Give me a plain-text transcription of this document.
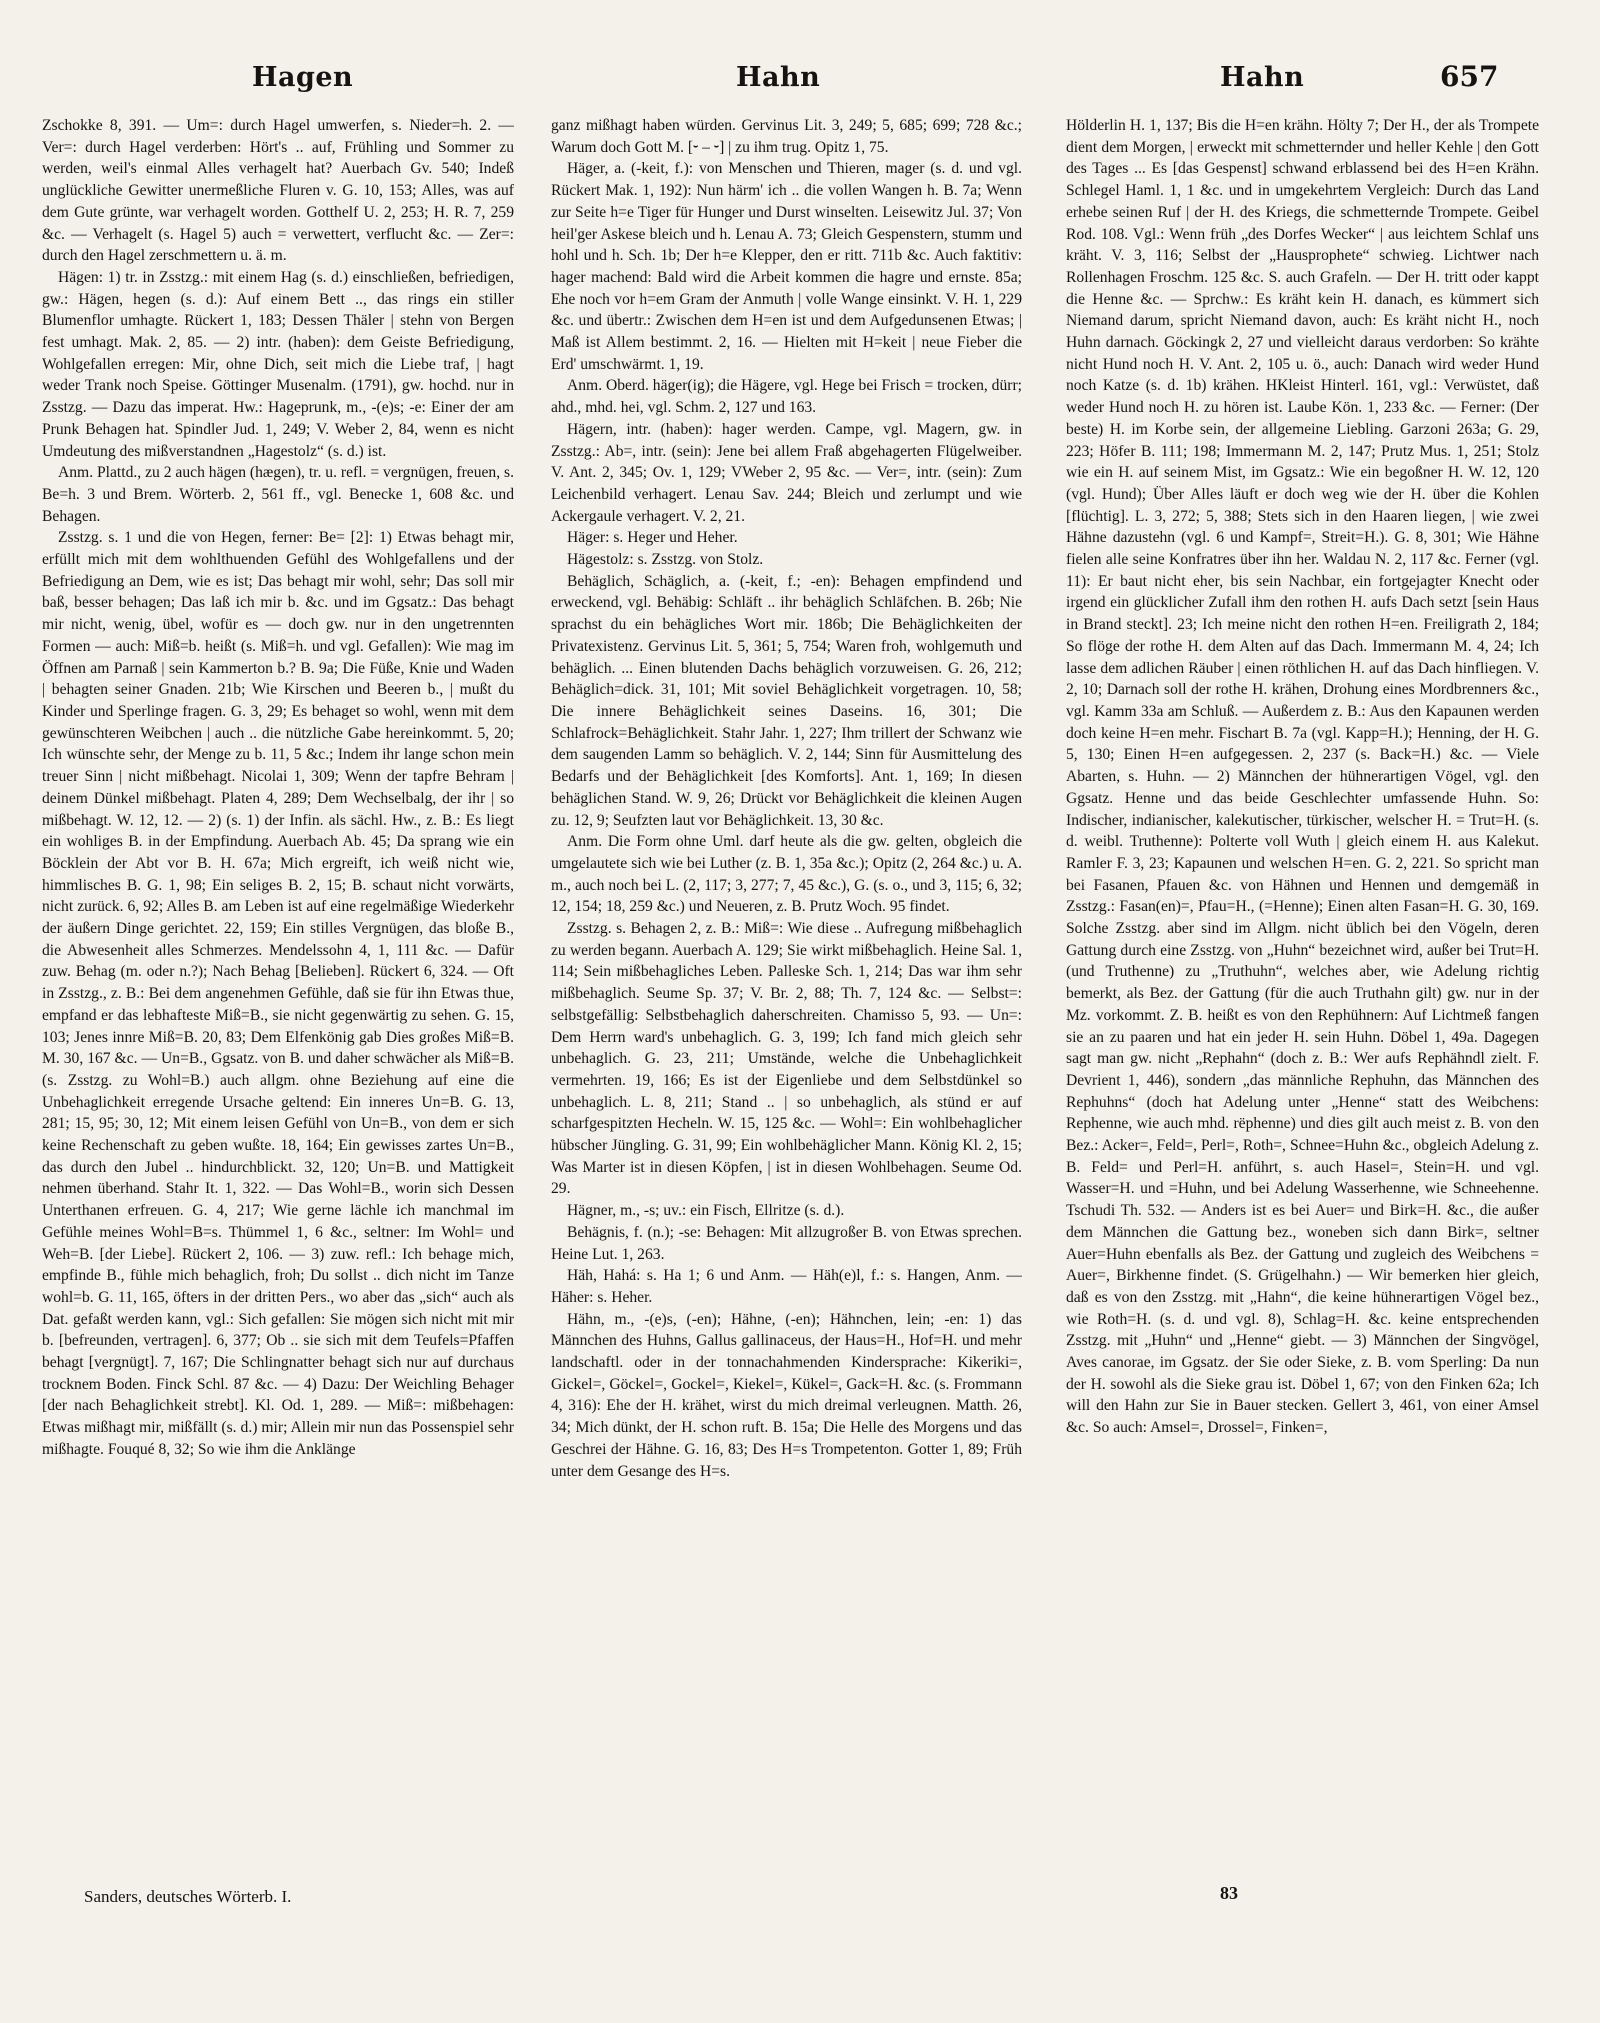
Hagen	Hahn	Hahn	657

Zschokke 8, 391. — Um=: durch Hagel umwerfen, s. Nieder=h. 2. — Ver=: durch Hagel verderben: Hört's .. auf, Frühling und Sommer zu werden, weil's einmal Alles verhagelt hat? Auerbach Gv. 540; Indeß unglückliche Gewitter unermeßliche Fluren v. G. 10, 153; Alles, was auf dem Gute grünte, war verhagelt worden. Gotthelf U. 2, 253; H. R. 7, 259 &c. — Verhagelt (s. Hagel 5) auch = verwettert, verflucht &c. — Zer=: durch den Hagel zerschmettern u. ä. m.

Hägen: 1) tr. in Zsstzg.: mit einem Hag (s. d.) einschließen, befriedigen, gw.: Hägen, hegen (s. d.): Auf einem Bett .., das rings ein stiller Blumenflor umhagte. Rückert 1, 183; Dessen Thäler | stehn von Bergen fest umhagt. Mak. 2, 85. — 2) intr. (haben): dem Geiste Befriedigung, Wohlgefallen erregen: Mir, ohne Dich, seit mich die Liebe traf, | hagt weder Trank noch Speise. Göttinger Musenalm. (1791), gw. hochd. nur in Zsstzg. — Dazu das imperat. Hw.: Hageprunk, m., -(e)s; -e: Einer der am Prunk Behagen hat. Spindler Jud. 1, 249; V. Weber 2, 84, wenn es nicht Umdeutung des mißverstandnen „Hagestolz“ (s. d.) ist.

Anm. Plattd., zu 2 auch hägen (hægen), tr. u. refl. = vergnügen, freuen, s. Be=h. 3 und Brem. Wörterb. 2, 561 ff., vgl. Benecke 1, 608 &c. und Behagen.

Zsstzg. s. 1 und die von Hegen, ferner: Be= [2]: 1) Etwas behagt mir, erfüllt mich mit dem wohlthuenden Gefühl des Wohlgefallens und der Befriedigung an Dem, wie es ist; Das behagt mir wohl, sehr; Das soll mir baß, besser behagen; Das laß ich mir b. &c. und im Ggsatz.: Das behagt mir nicht, wenig, übel, wofür es — doch gw. nur in den ungetrennten Formen — auch: Miß=b. heißt (s. Miß=h. und vgl. Gefallen): Wie mag im Öffnen am Parnaß | sein Kammerton b.? B. 9a; Die Füße, Knie und Waden | behagten seiner Gnaden. 21b; Wie Kirschen und Beeren b., | mußt du Kinder und Sperlinge fragen. G. 3, 29; Es behaget so wohl, wenn mit dem gewünschteren Weibchen | auch .. die nützliche Gabe hereinkommt. 5, 20; Ich wünschte sehr, der Menge zu b. 11, 5 &c.; Indem ihr lange schon mein treuer Sinn | nicht mißbehagt. Nicolai 1, 309; Wenn der tapfre Behram | deinem Dünkel mißbehagt. Platen 4, 289; Dem Wechselbalg, der ihr | so mißbehagt. W. 12, 12. — 2) (s. 1) der Infin. als sächl. Hw., z. B.: Es liegt ein wohliges B. in der Empfindung. Auerbach Ab. 45; Da sprang wie ein Böcklein der Abt vor B. H. 67a; Mich ergreift, ich weiß nicht wie, himmlisches B. G. 1, 98; Ein seliges B. 2, 15; B. schaut nicht vorwärts, nicht zurück. 6, 92; Alles B. am Leben ist auf eine regelmäßige Wiederkehr der äußern Dinge gerichtet. 22, 159; Ein stilles Vergnügen, das bloße B., die Abwesenheit alles Schmerzes. Mendelssohn 4, 1, 111 &c. — Dafür zuw. Behag (m. oder n.?); Nach Behag [Belieben]. Rückert 6, 324. — Oft in Zsstzg., z. B.: Bei dem angenehmen Gefühle, daß sie für ihn Etwas thue, empfand er das lebhafteste Miß=B., sie nicht gegenwärtig zu sehen. G. 15, 103; Jenes innre Miß=B. 20, 83; Dem Elfenkönig gab Dies großes Miß=B. M. 30, 167 &c. — Un=B., Ggsatz. von B. und daher schwächer als Miß=B. (s. Zsstzg. zu Wohl=B.) auch allgm. ohne Beziehung auf eine die Unbehaglichkeit erregende Ursache geltend: Ein inneres Un=B. G. 13, 281; 15, 95; 30, 12; Mit einem leisen Gefühl von Un=B., von dem er sich keine Rechenschaft zu geben wußte. 18, 164; Ein gewisses zartes Un=B., das durch den Jubel .. hindurchblickt. 32, 120; Un=B. und Mattigkeit nehmen überhand. Stahr It. 1, 322. — Das Wohl=B., worin sich Dessen Unterthanen erfreuen. G. 4, 217; Wie gerne lächle ich manchmal im Gefühle meines Wohl=B=s. Thümmel 1, 6 &c., seltner: Im Wohl= und Weh=B. [der Liebe]. Rückert 2, 106. — 3) zuw. refl.: Ich behage mich, empfinde B., fühle mich behaglich, froh; Du sollst .. dich nicht im Tanze wohl=b. G. 11, 165, öfters in der dritten Pers., wo aber das „sich“ auch als Dat. gefaßt werden kann, vgl.: Sich gefallen: Sie mögen sich nicht mit mir b. [befreunden, vertragen]. 6, 377; Ob .. sie sich mit dem Teufels=Pfaffen behagt [vergnügt]. 7, 167; Die Schlingnatter behagt sich nur auf durchaus trocknem Boden. Finck Schl. 87 &c. — 4) Dazu: Der Weichling Behager [der nach Behaglichkeit strebt]. Kl. Od. 1, 289. — Miß=: mißbehagen: Etwas mißhagt mir, mißfällt (s. d.) mir; Allein mir nun das Possenspiel sehr mißhagte. Fouqué 8, 32; So wie ihm die Anklänge

ganz mißhagt haben würden. Gervinus Lit. 3, 249; 5, 685; 699; 728 &c.; Warum doch Gott M. [⏑ – ⏑] | zu ihm trug. Opitz 1, 75.

Häger, a. (-keit, f.): von Menschen und Thieren, mager (s. d. und vgl. Rückert Mak. 1, 192): Nun härm' ich .. die vollen Wangen h. B. 7a; Wenn zur Seite h=e Tiger für Hunger und Durst winselten. Leisewitz Jul. 37; Von heil'ger Askese bleich und h. Lenau A. 73; Gleich Gespenstern, stumm und hohl und h. Sch. 1b; Der h=e Klepper, den er ritt. 711b &c. Auch faktitiv: hager machend: Bald wird die Arbeit kommen die hagre und ernste. 85a; Ehe noch vor h=em Gram der Anmuth | volle Wange einsinkt. V. H. 1, 229 &c. und übertr.: Zwischen dem H=en ist und dem Aufgedunsenen Etwas; | Maß ist Allem bestimmt. 2, 16. — Hielten mit H=keit | neue Fieber die Erd' umschwärmt. 1, 19.

Anm. Oberd. häger(ig); die Hägere, vgl. Hege bei Frisch = trocken, dürr; ahd., mhd. hei, vgl. Schm. 2, 127 und 163.

Hägern, intr. (haben): hager werden. Campe, vgl. Magern, gw. in Zsstzg.: Ab=, intr. (sein): Jene bei allem Fraß abgehagerten Flügelweiber. V. Ant. 2, 345; Ov. 1, 129; VWeber 2, 95 &c. — Ver=, intr. (sein): Zum Leichenbild verhagert. Lenau Sav. 244; Bleich und zerlumpt und wie Ackergaule verhagert. V. 2, 21.

Häger: s. Heger und Heher.

Hägestolz: s. Zsstzg. von Stolz.

Behäglich, Schäglich, a. (-keit, f.; -en): Behagen empfindend und erweckend, vgl. Behäbig: Schläft .. ihr behäglich Schläfchen. B. 26b; Nie sprachst du ein behägliches Wort mir. 186b; Die Behäglichkeiten der Privatexistenz. Gervinus Lit. 5, 361; 5, 754; Waren froh, wohlgemuth und behäglich. ... Einen blutenden Dachs behäglich vorzuweisen. G. 26, 212; Behäglich=dick. 31, 101; Mit soviel Behäglichkeit vorgetragen. 10, 58; Die innere Behäglichkeit seines Daseins. 16, 301; Die Schlafrock=Behäglichkeit. Stahr Jahr. 1, 227; Ihm trillert der Schwanz wie dem saugenden Lamm so behäglich. V. 2, 144; Sinn für Ausmittelung des Bedarfs und der Behäglichkeit [des Komforts]. Ant. 1, 169; In diesen behäglichen Stand. W. 9, 26; Drückt vor Behäglichkeit die kleinen Augen zu. 12, 9; Seufzten laut vor Behäglichkeit. 13, 30 &c.

Anm. Die Form ohne Uml. darf heute als die gw. gelten, obgleich die umgelautete sich wie bei Luther (z. B. 1, 35a &c.); Opitz (2, 264 &c.) u. A. m., auch noch bei L. (2, 117; 3, 277; 7, 45 &c.), G. (s. o., und 3, 115; 6, 32; 12, 154; 18, 259 &c.) und Neueren, z. B. Prutz Woch. 95 findet.

Zsstzg. s. Behagen 2, z. B.: Miß=: Wie diese .. Aufregung mißbehaglich zu werden begann. Auerbach A. 129; Sie wirkt mißbehaglich. Heine Sal. 1, 114; Sein mißbehagliches Leben. Palleske Sch. 1, 214; Das war ihm sehr mißbehaglich. Seume Sp. 37; V. Br. 2, 88; Th. 7, 124 &c. — Selbst=: selbstgefällig: Selbstbehaglich daherschreiten. Chamisso 5, 93. — Un=: Dem Herrn ward's unbehaglich. G. 3, 199; Ich fand mich gleich sehr unbehaglich. G. 23, 211; Umstände, welche die Unbehaglichkeit vermehrten. 19, 166; Es ist der Eigenliebe und dem Selbstdünkel so unbehaglich. L. 8, 211; Stand .. | so unbehaglich, als stünd er auf scharfgespitzten Hecheln. W. 15, 125 &c. — Wohl=: Ein wohlbehaglicher hübscher Jüngling. G. 31, 99; Ein wohlbehäglicher Mann. König Kl. 2, 15; Was Marter ist in diesen Köpfen, | ist in diesen Wohlbehagen. Seume Od. 29.

Hägner, m., -s; uv.: ein Fisch, Ellritze (s. d.).

Behägnis, f. (n.); -se: Behagen: Mit allzugroßer B. von Etwas sprechen. Heine Lut. 1, 263.

Häh, Hahá: s. Ha 1; 6 und Anm. — Häh(e)l, f.: s. Hangen, Anm. — Häher: s. Heher.

Hähn, m., -(e)s, (-en); Hähne, (-en); Hähnchen, lein; -en: 1) das Männchen des Huhns, Gallus gallinaceus, der Haus=H., Hof=H. und mehr landschaftl. oder in der tonnachahmenden Kindersprache: Kikeriki=, Gickel=, Göckel=, Gockel=, Kiekel=, Kükel=, Gack=H. &c. (s. Frommann 4, 316): Ehe der H. krähet, wirst du mich dreimal verleugnen. Matth. 26, 34; Mich dünkt, der H. schon ruft. B. 15a; Die Helle des Morgens und das Geschrei der Hähne. G. 16, 83; Des H=s Trompetenton. Gotter 1, 89; Früh unter dem Gesange des H=s.

Hölderlin H. 1, 137; Bis die H=en krähn. Hölty 7; Der H., der als Trompete dient dem Morgen, | erweckt mit schmetternder und heller Kehle | den Gott des Tages ... Es [das Gespenst] schwand erblassend bei des H=en Krähn. Schlegel Haml. 1, 1 &c. und in umgekehrtem Vergleich: Durch das Land erhebe seinen Ruf | der H. des Kriegs, die schmetternde Trompete. Geibel Rod. 108. Vgl.: Wenn früh „des Dorfes Wecker“ | aus leichtem Schlaf uns kräht. V. 3, 116; Selbst der „Hausprophete“ schwieg. Lichtwer nach Rollenhagen Froschm. 125 &c. S. auch Grafeln. — Der H. tritt oder kappt die Henne &c. — Sprchw.: Es kräht kein H. danach, es kümmert sich Niemand darum, spricht Niemand davon, auch: Es kräht nicht H., noch Huhn darnach. Göckingk 2, 27 und vielleicht daraus verdorben: So krähte nicht Hund noch H. V. Ant. 2, 105 u. ö., auch: Danach wird weder Hund noch Katze (s. d. 1b) krähen. HKleist Hinterl. 161, vgl.: Verwüstet, daß weder Hund noch H. zu hören ist. Laube Kön. 1, 233 &c. — Ferner: (Der beste) H. im Korbe sein, der allgemeine Liebling. Garzoni 263a; G. 29, 223; Höfer B. 111; 198; Immermann M. 2, 147; Prutz Mus. 1, 251; Stolz wie ein H. auf seinem Mist, im Ggsatz.: Wie ein begoßner H. W. 12, 120 (vgl. Hund); Über Alles läuft er doch weg wie der H. über die Kohlen [flüchtig]. L. 3, 272; 5, 388; Stets sich in den Haaren liegen, | wie zwei Hähne dazustehn (vgl. 6 und Kampf=, Streit=H.). G. 8, 301; Wie Hähne fielen alle seine Konfratres über ihn her. Waldau N. 2, 117 &c. Ferner (vgl. 11): Er baut nicht eher, bis sein Nachbar, ein fortgejagter Knecht oder irgend ein glücklicher Zufall ihm den rothen H. aufs Dach setzt [sein Haus in Brand steckt]. 23; Ich meine nicht den rothen H=en. Freiligrath 2, 184; So flöge der rothe H. dem Alten auf das Dach. Immermann M. 4, 24; Ich lasse dem adlichen Räuber | einen röthlichen H. auf das Dach hinfliegen. V. 2, 10; Darnach soll der rothe H. krähen, Drohung eines Mordbrenners &c., vgl. Kamm 33a am Schluß. — Außerdem z. B.: Aus den Kapaunen werden doch keine H=en mehr. Fischart B. 7a (vgl. Kapp=H.); Henning, der H. G. 5, 130; Einen H=en aufgegessen. 2, 237 (s. Back=H.) &c. — Viele Abarten, s. Huhn. — 2) Männchen der hühnerartigen Vögel, vgl. den Ggsatz. Henne und das beide Geschlechter umfassende Huhn. So: Indischer, indianischer, kalekutischer, türkischer, welscher H. = Trut=H. (s. d. weibl. Truthenne): Polterte voll Wuth | gleich einem H. aus Kalekut. Ramler F. 3, 23; Kapaunen und welschen H=en. G. 2, 221. So spricht man bei Fasanen, Pfauen &c. von Hähnen und Hennen und demgemäß in Zsstzg.: Fasan(en)=, Pfau=H., (=Henne); Einen alten Fasan=H. G. 30, 169. Solche Zsstzg. aber sind im Allgm. nicht üblich bei den Vögeln, deren Gattung durch eine Zsstzg. von „Huhn“ bezeichnet wird, außer bei Trut=H. (und Truthenne) zu „Truthuhn“, welches aber, wie Adelung richtig bemerkt, als Bez. der Gattung (für die auch Truthahn gilt) gw. nur in der Mz. vorkommt. Z. B. heißt es von den Rephühnern: Auf Lichtmeß fangen sie an zu paaren und hat ein jeder H. sein Huhn. Döbel 1, 49a. Dagegen sagt man gw. nicht „Rephahn“ (doch z. B.: Wer aufs Rephähndl zielt. F. Devrient 1, 446), sondern „das männliche Rephuhn, das Männchen des Rephuhns“ (doch hat Adelung unter „Henne“ statt des Weibchens: Rephenne, wie auch mhd. rëphenne) und dies gilt auch meist z. B. von den Bez.: Acker=, Feld=, Perl=, Roth=, Schnee=Huhn &c., obgleich Adelung z. B. Feld= und Perl=H. anführt, s. auch Hasel=, Stein=H. und vgl. Wasser=H. und =Huhn, und bei Adelung Wasserhenne, wie Schneehenne. Tschudi Th. 532. — Anders ist es bei Auer= und Birk=H. &c., die außer dem Männchen die Gattung bez., woneben sich dann Birk=, seltner Auer=Huhn ebenfalls als Bez. der Gattung und zugleich des Weibchens = Auer=, Birkhenne findet. (S. Grügelhahn.) — Wir bemerken hier gleich, daß es von den Zsstzg. mit „Hahn“, die keine hühnerartigen Vögel bez., wie Roth=H. (s. d. und vgl. 8), Schlag=H. &c. keine entsprechenden Zsstzg. mit „Huhn“ und „Henne“ giebt. — 3) Männchen der Singvögel, Aves canorae, im Ggsatz. der Sie oder Sieke, z. B. vom Sperling: Da nun der H. sowohl als die Sieke grau ist. Döbel 1, 67; von den Finken 62a; Ich will den Hahn zur Sie in Bauer stecken. Gellert 3, 461, von einer Amsel &c. So auch: Amsel=, Drossel=, Finken=,

Sanders, deutsches Wörterb. I.	83
